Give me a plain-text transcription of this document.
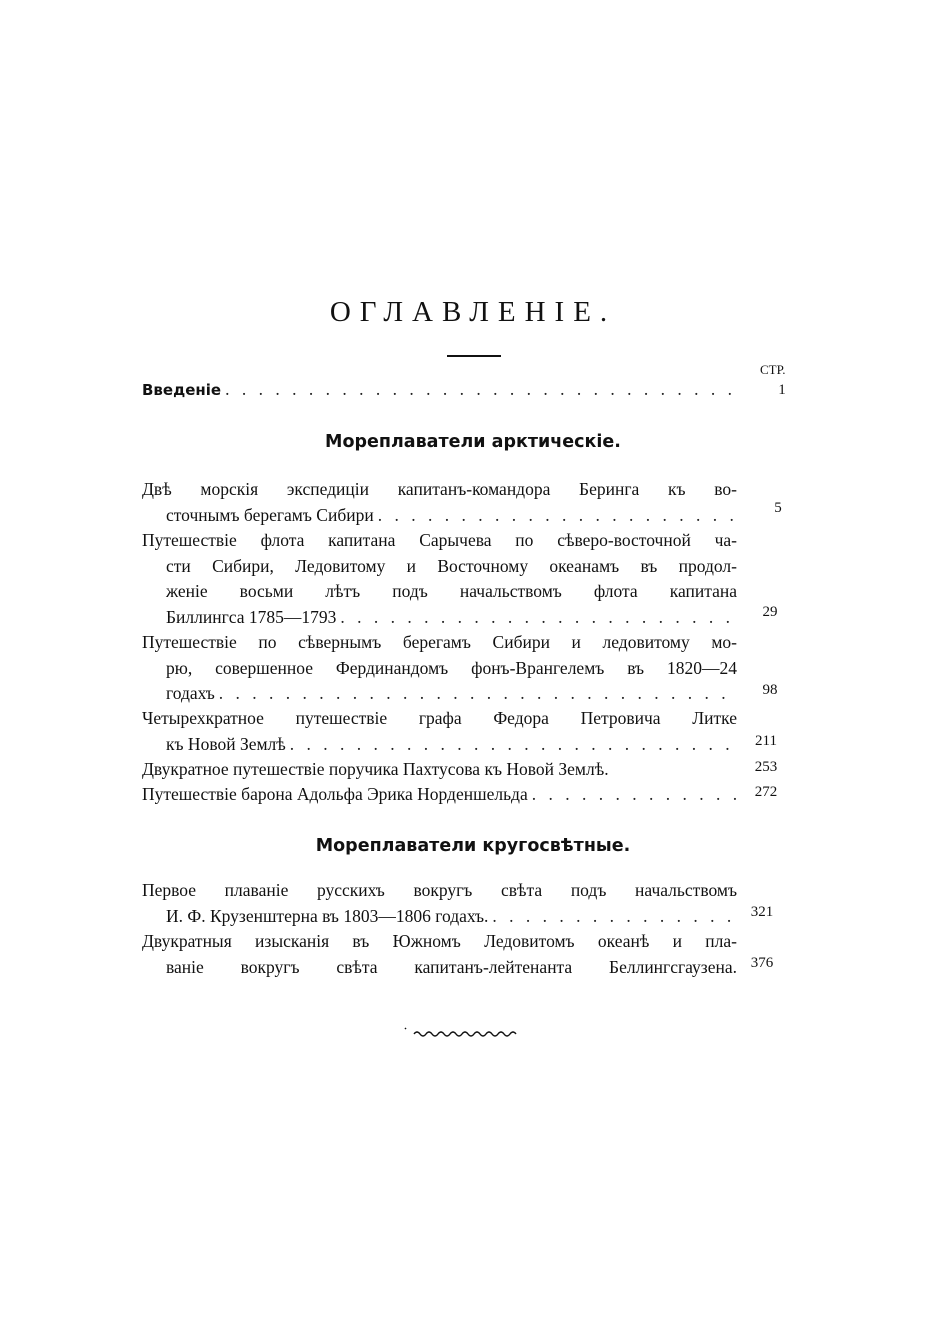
ОГЛАВЛЕНІЕ.
СТР.
Введеніе . . .	1
Мореплаватели арктическіе.
Двѣ морскія экспедиціи капитанъ-командора Беринга къ во-
сточнымъ берегамъ Сибири . . .	5
Путешествіе флота капитана Сарычева по сѣверо-восточной ча-
сти Сибири, Ледовитому и Восточному океанамъ въ продол-
женіе восьми лѣтъ подъ начальствомъ флота капитана
Биллингса 1785—1793 . . .	29
Путешествіе по сѣвернымъ берегамъ Сибири и ледовитому мо-
рю, совершенное Фердинандомъ фонъ-Врангелемъ въ 1820—24
годахъ . . .	98
Четырехкратное путешествіе графа Федора Петровича Литке
къ Новой Землѣ . . .	211
Двукратное путешествіе поручика Пахтусова къ Новой Землѣ.	253
Путешествіе барона Адольфа Эрика Норденшельда . . .	272
Мореплаватели кругосвѣтные.
Первое плаваніе русскихъ вокругъ свѣта подъ начальствомъ
И. Ф. Крузенштерна въ 1803—1806 годахъ. . . .	321
Двукратныя изысканія въ Южномъ Ледовитомъ океанѣ и пла-
ваніе вокругъ свѣта капитанъ-лейтенанта Беллингсгаузена. 376
